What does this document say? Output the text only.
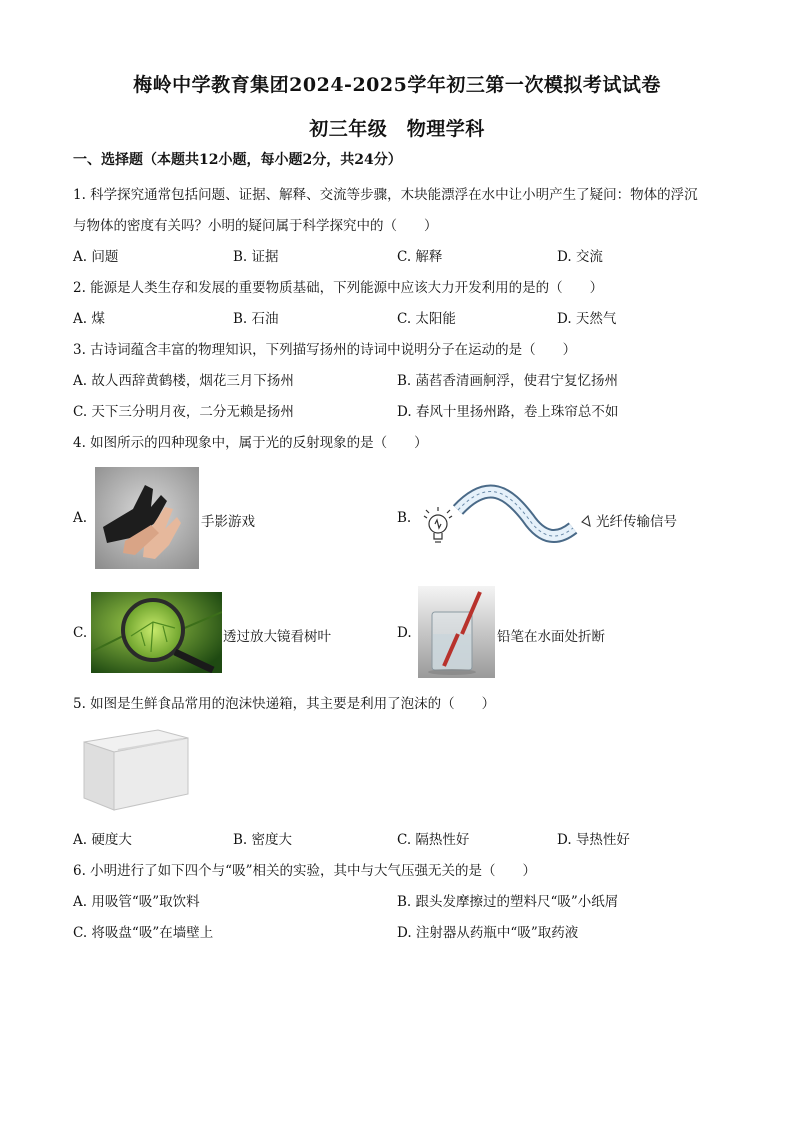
梅岭中学教育集团2024-2025学年初三第一次模拟考试试卷
初三年级　物理学科
一、选择题（本题共12小题，每小题2分，共24分）
1. 科学探究通常包括问题、证据、解释、交流等步骤，木块能漂浮在水中让小明产生了疑问：物体的浮沉
与物体的密度有关吗？小明的疑问属于科学探究中的（　　）
A. 问题	B. 证据	C. 解释	D. 交流
2. 能源是人类生存和发展的重要物质基础，下列能源中应该大力开发利用的是的（　　）
A. 煤	B. 石油	C. 太阳能	D. 天然气
3. 古诗词蕴含丰富的物理知识，下列描写扬州的诗词中说明分子在运动的是（　　）
A. 故人西辞黄鹤楼，烟花三月下扬州	B. 菡萏香清画舸浮，使君宁复忆扬州
C. 天下三分明月夜，二分无赖是扬州	D. 春风十里扬州路，卷上珠帘总不如
4. 如图所示的四种现象中，属于光的反射现象的是（　　）
A.	手影游戏	B.	光纤传输信号
C.	透过放大镜看树叶	D.	铅笔在水面处折断
5. 如图是生鲜食品常用的泡沫快递箱，其主要是利用了泡沫的（　　）
A. 硬度大	B. 密度大	C. 隔热性好	D. 导热性好
6. 小明进行了如下四个与“吸”相关的实验，其中与大气压强无关的是（　　）
A. 用吸管“吸”取饮料	B. 跟头发摩擦过的塑料尺“吸”小纸屑
C. 将吸盘“吸”在墙壁上	D. 注射器从药瓶中“吸”取药液
